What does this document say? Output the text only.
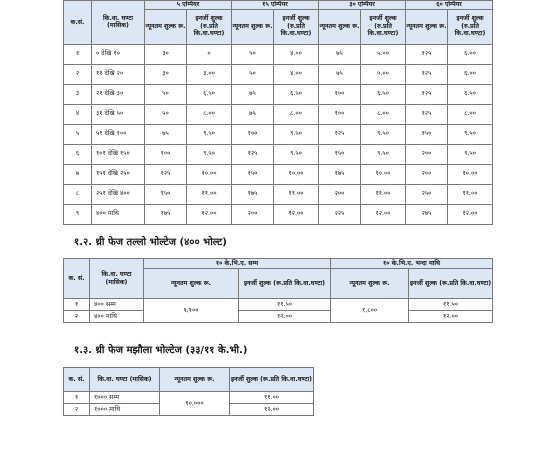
क.सं.	कि.वा. घण्टा (मासिक)	५ एम्पियर		१५ एम्पियर		३० एम्पियर		६० एम्पियर	
		न्यूनतम शुल्क रू.	इनर्जी शुल्क (रु.प्रति कि.वा.घण्टा)	न्यूनतम शुल्क रू.	इनर्जी शुल्क (रु.प्रति कि.वा.घण्टा)	न्यूनतम शुल्क रू.	इनर्जी शुल्क (रु.प्रति कि.वा.घण्टा)	न्यूनतम शुल्क रू.	इनर्जी शुल्क (रु.प्रति कि.वा.घण्टा)
१	० देखि १०	३०	०	५०	४.००	७५	५.००	१२५	६.००
२	११ देखि २०	३०	३.००	५०	४.००	७५	५.००	१२५	६.००
३	२१ देखि ३०	५०	६.५०	७५	६.५०	१००	६.५०	१२५	६.५०
४	३१ देखि ५०	५०	८.००	७५	८.००	१००	८.००	१२५	८.००
५	५१ देखि १००	७५	९.५०	१००	९.५०	१२५	९.५०	१५०	९.५०
६	१०१ देखि १५०	१००	९.५०	१२५	९.५०	१५०	९.५०	२००	९.५०
७	१५१ देखि २५०	१२५	१०.००	१५०	१०.००	१७५	१०.००	२००	१०.००
८	२५१ देखि ४००	१५०	११.००	१७५	११.००	२००	११.००	२५०	११.००
९	४०० माथि	१७५	१२.००	२००	१२.००	२२५	१२.००	२७५	१२.००
१.२. थ्री फेज तल्लो भोल्टेज (४०० भोल्ट)
क. सं.	कि.वा. घण्टा (मासिक)	१० के.भि.ए. सम्म		१० के.भि.ए. भन्दा माथि	
		न्यूनतम शुल्क रू.	इनर्जी शुल्क (रू.प्रति कि.वा.घण्टा)	न्यूनतम शुल्क रू.	इनर्जी शुल्क (रू.प्रति कि.वा.घण्टा)
१	४०० सम्म	१,१००	११.५०	१,८००	११.५०
२	४०० माथि		१२.००		१२.००
१.३. थ्री फेज मझौला भोल्टेज (३३/११ के.भी.)
क. सं.	कि.वा. घण्टा (मासिक)	न्यूनतम शुल्क रू.	इनर्जी शुल्क (रू.प्रति कि.वा.घण्टा)
१	१००० सम्म	१०,०००	११.००
२	१००० माथि		१२.००
